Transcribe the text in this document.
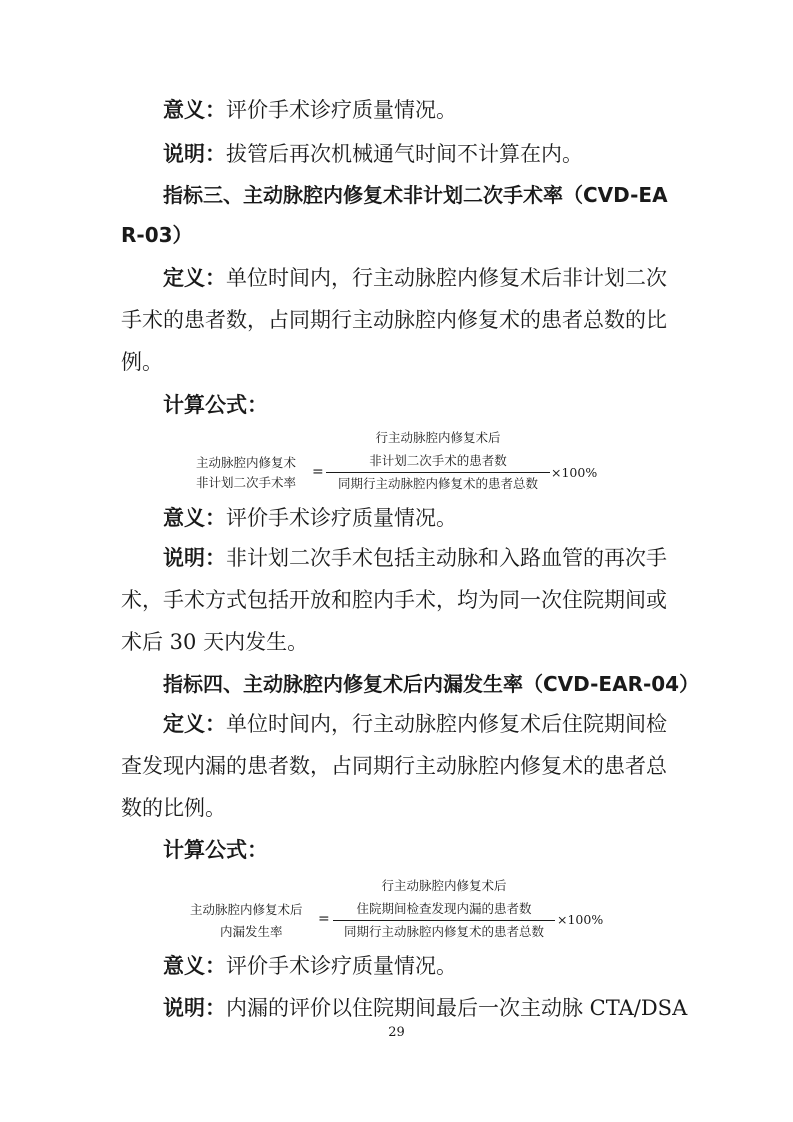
意义：评价手术诊疗质量情况。
说明：拔管后再次机械通气时间不计算在内。
指标三、主动脉腔内修复术非计划二次手术率（CVD-EA
R-03）
定义：单位时间内，行主动脉腔内修复术后非计划二次
手术的患者数，占同期行主动脉腔内修复术的患者总数的比
例。
计算公式：
主动脉腔内修复术
非计划二次手术率
=
行主动脉腔内修复术后
非计划二次手术的患者数
同期行主动脉腔内修复术的患者总数
×100%
意义：评价手术诊疗质量情况。
说明：非计划二次手术包括主动脉和入路血管的再次手
术，手术方式包括开放和腔内手术，均为同一次住院期间或
术后 30 天内发生。
指标四、主动脉腔内修复术后内漏发生率（CVD-EAR-04）
定义：单位时间内，行主动脉腔内修复术后住院期间检
查发现内漏的患者数，占同期行主动脉腔内修复术的患者总
数的比例。
计算公式：
主动脉腔内修复术后
内漏发生率
=
行主动脉腔内修复术后
住院期间检查发现内漏的患者数
同期行主动脉腔内修复术的患者总数
×100%
意义：评价手术诊疗质量情况。
说明：内漏的评价以住院期间最后一次主动脉 CTA/DSA
29
